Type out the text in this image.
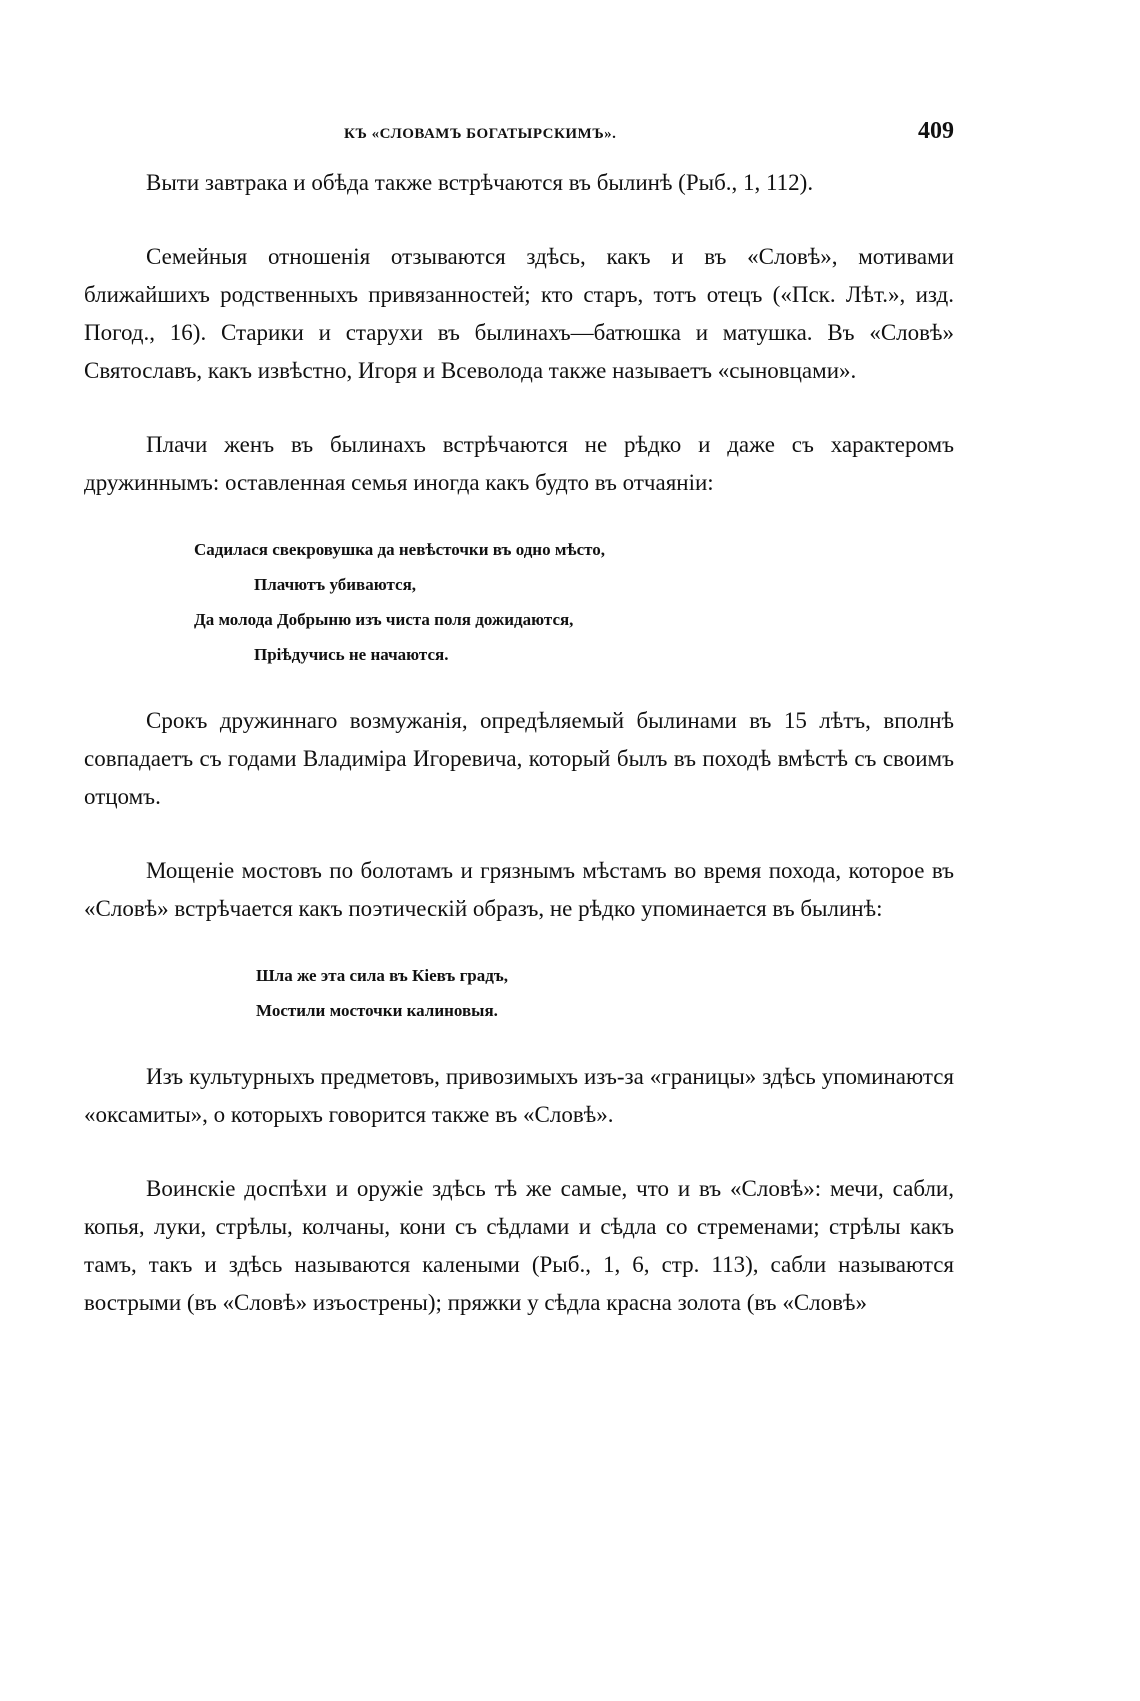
КЪ «СЛОВАМЪ БОГАТЫРСКИМЪ».	409

Выти завтрака и обѣда также встрѣчаются въ былинѣ (Рыб., 1, 112).

Семейныя отношенія отзываются здѣсь, какъ и въ «Словѣ», мотивами ближайшихъ родственныхъ привязанностей; кто старъ, тотъ отецъ («Пск. Лѣт.», изд. Погод., 16). Старики и старухи въ былинахъ—батюшка и матушка. Въ «Словѣ» Святославъ, какъ извѣстно, Игоря и Всеволода также называетъ «сыновцами».

Плачи женъ въ былинахъ встрѣчаются не рѣдко и даже съ характеромъ дружиннымъ: оставленная семья иногда какъ будто въ отчаяніи:

Садилася свекровушка да невѣсточки въ одно мѣсто,
Плачютъ убиваются,
Да молода Добрыню изъ чиста поля дожидаются,
Пріѣдучись не начаются.

Срокъ дружиннаго возмужанія, опредѣляемый былинами въ 15 лѣтъ, вполнѣ совпадаетъ съ годами Владиміра Игоревича, который былъ въ походѣ вмѣстѣ съ своимъ отцомъ.

Мощеніе мостовъ по болотамъ и грязнымъ мѣстамъ во время похода, которое въ «Словѣ» встрѣчается какъ поэтическій образъ, не рѣдко упоминается въ былинѣ:

Шла же эта сила въ Кіевъ градъ,
Мостили мосточки калиновыя.

Изъ культурныхъ предметовъ, привозимыхъ изъ-за «границы» здѣсь упоминаются «оксамиты», о которыхъ говорится также въ «Словѣ».

Воинскіе доспѣхи и оружіе здѣсь тѣ же самые, что и въ «Словѣ»: мечи, сабли, копья, луки, стрѣлы, колчаны, кони съ сѣдлами и сѣдла со стременами; стрѣлы какъ тамъ, такъ и здѣсь называются калеными (Рыб., 1, 6, стр. 113), сабли называются вострыми (въ «Словѣ» изъострены); пряжки у сѣдла красна золота (въ «Словѣ»
